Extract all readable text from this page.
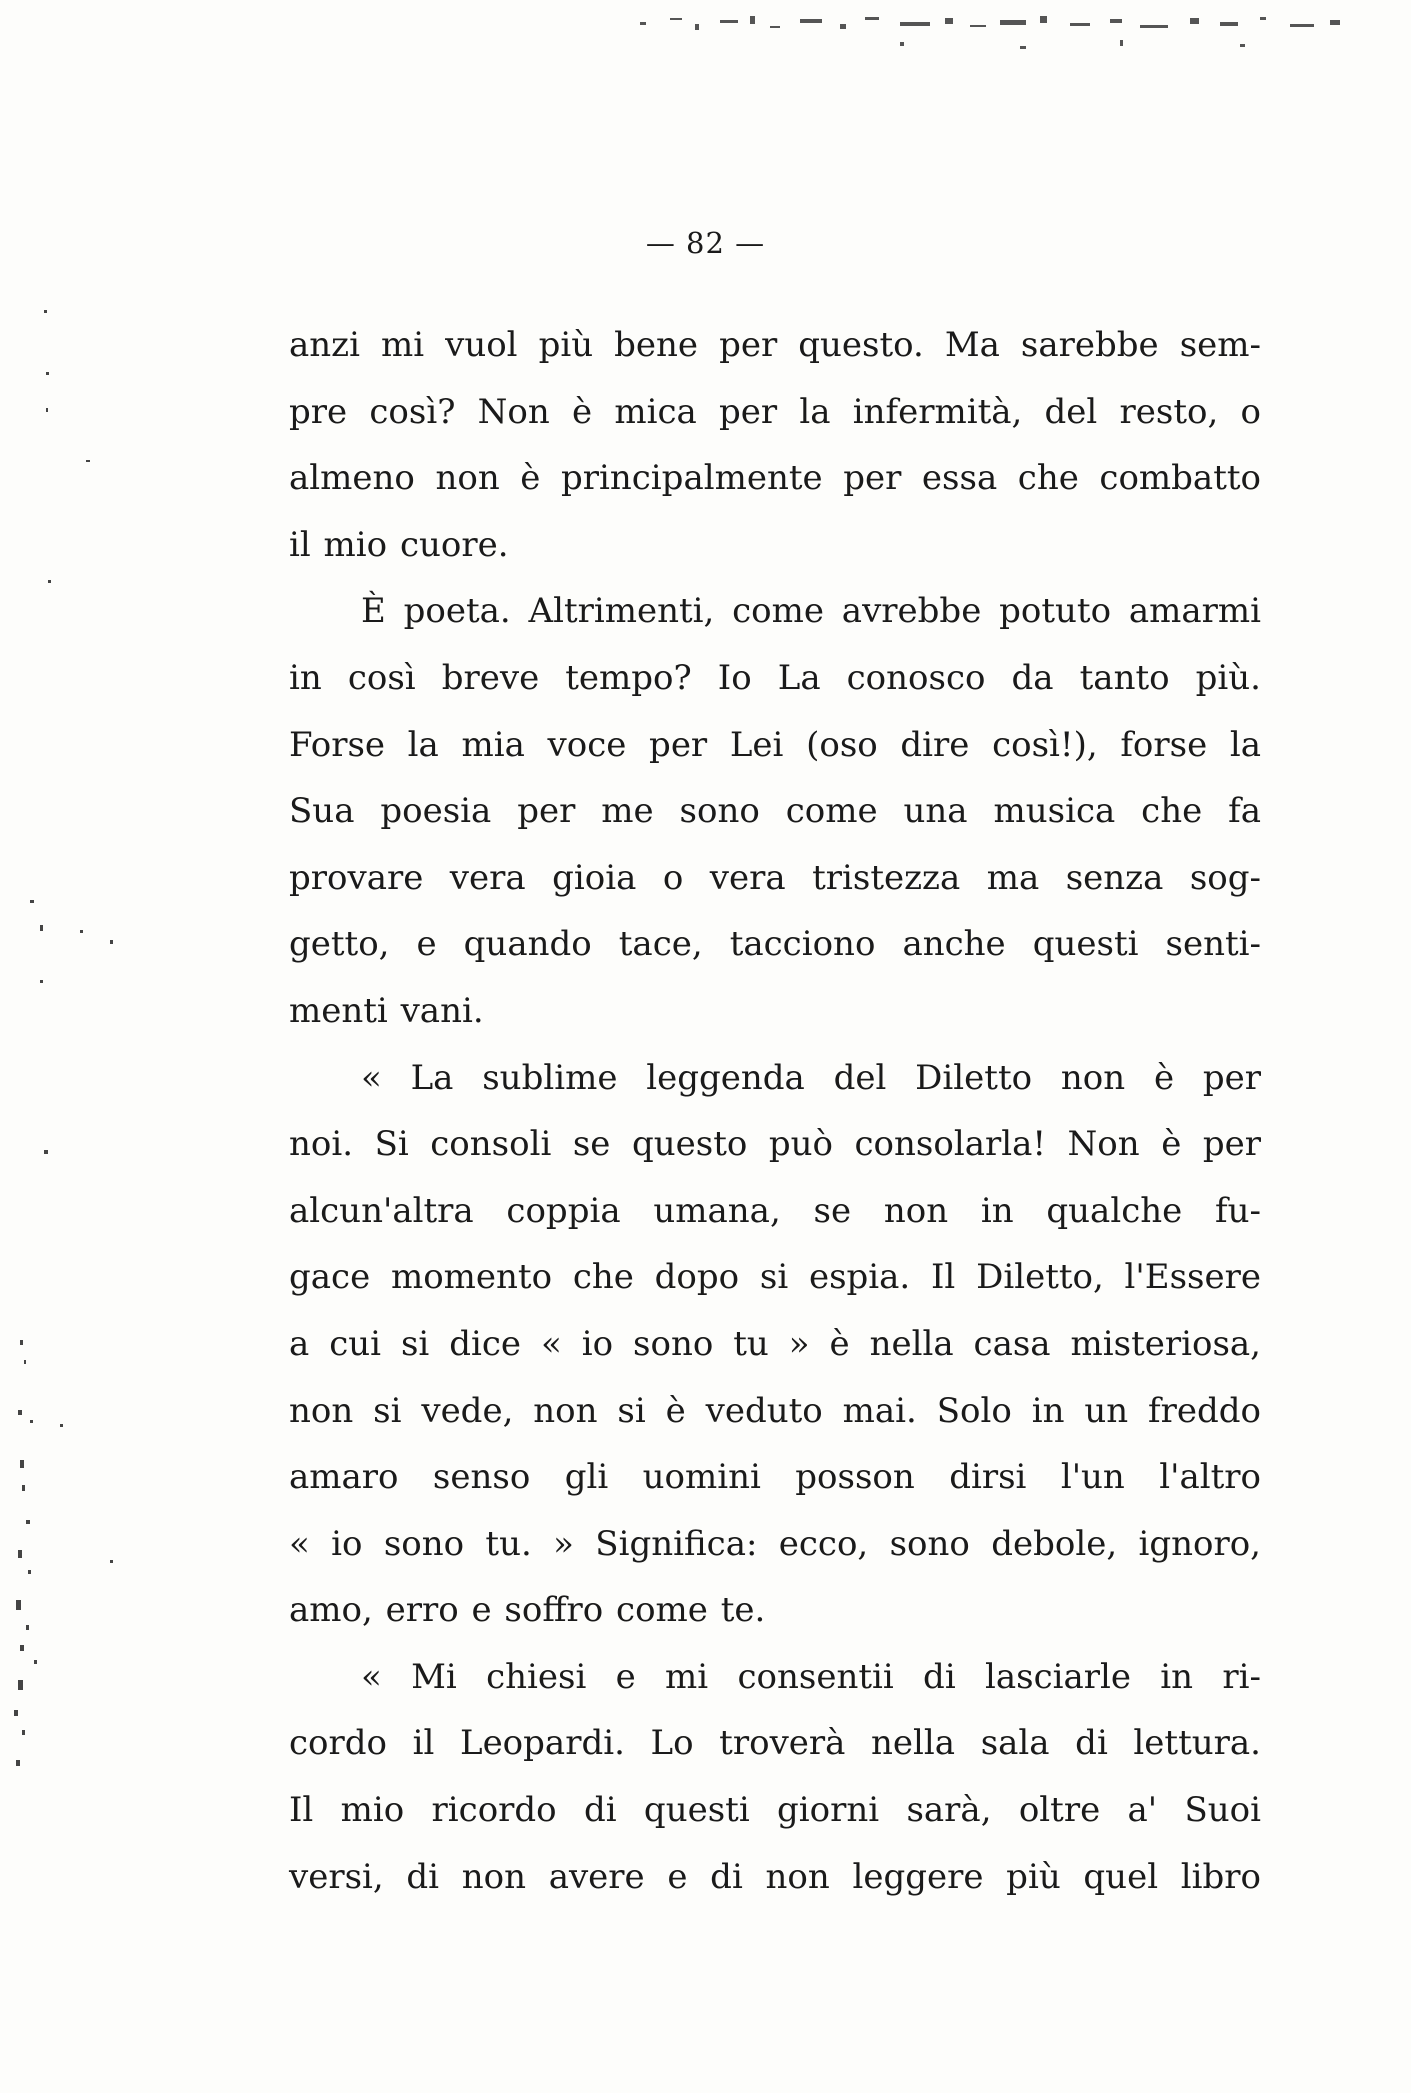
— 82 —
anzi mi vuol più bene per questo. Ma sarebbe sem-
pre così? Non è mica per la infermità, del resto, o
almeno non è principalmente per essa che combatto
il mio cuore.
È poeta. Altrimenti, come avrebbe potuto amarmi
in così breve tempo? Io La conosco da tanto più.
Forse la mia voce per Lei (oso dire così!), forse la
Sua poesia per me sono come una musica che fa
provare vera gioia o vera tristezza ma senza sog-
getto, e quando tace, tacciono anche questi senti-
menti vani.
« La sublime leggenda del Diletto non è per
noi. Si consoli se questo può consolarla! Non è per
alcun'altra coppia umana, se non in qualche fu-
gace momento che dopo si espia. Il Diletto, l'Essere
a cui si dice « io sono tu » è nella casa misteriosa,
non si vede, non si è veduto mai. Solo in un freddo
amaro senso gli uomini posson dirsi l'un l'altro
« io sono tu. » Significa: ecco, sono debole, ignoro,
amo, erro e soffro come te.
« Mi chiesi e mi consentii di lasciarle in ri-
cordo il Leopardi. Lo troverà nella sala di lettura.
Il mio ricordo di questi giorni sarà, oltre a' Suoi
versi, di non avere e di non leggere più quel libro
